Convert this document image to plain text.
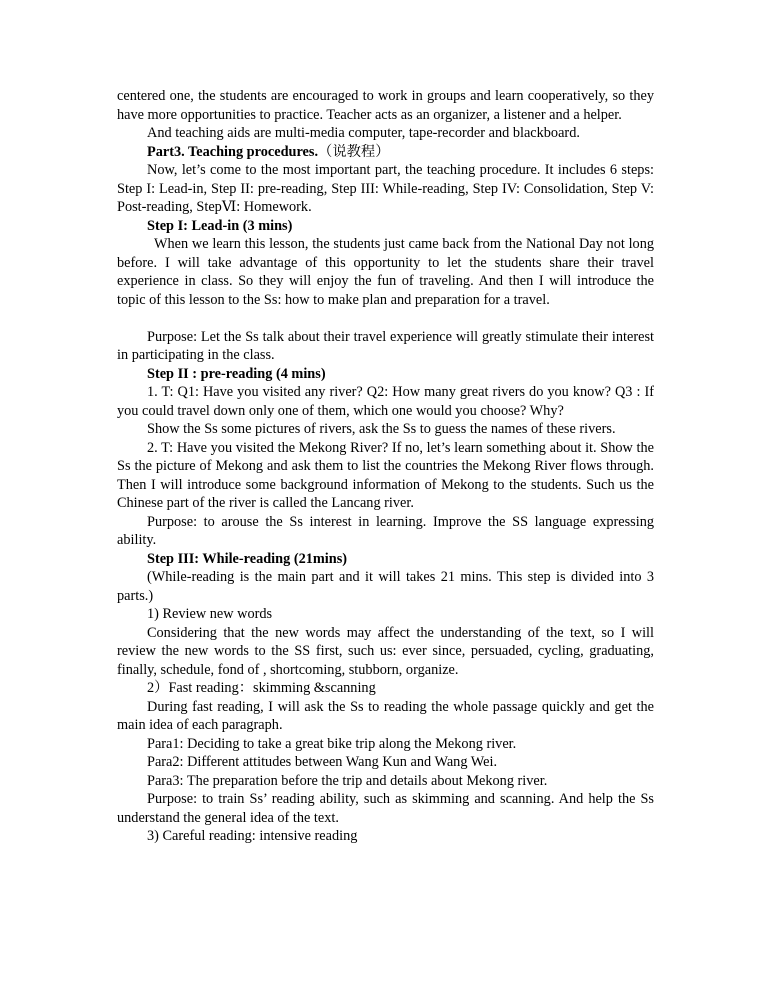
centered one, the students are encouraged to work in groups and learn cooperatively, so they have more opportunities to practice. Teacher acts as an organizer, a listener and a helper.

And teaching aids are multi-media computer, tape-recorder and blackboard.

Part3. Teaching procedures.（说教程）

Now, let’s come to the most important part, the teaching procedure. It includes 6 steps: Step I: Lead-in, Step II: pre-reading, Step III: While-reading, Step IV: Consolidation, Step V: Post-reading, StepⅥ: Homework.

Step I: Lead-in (3 mins)

When we learn this lesson, the students just came back from the National Day not long before. I will take advantage of this opportunity to let the students share their travel experience in class. So they will enjoy the fun of traveling. And then I will introduce the topic of this lesson to the Ss: how to make plan and preparation for a travel.

Purpose: Let the Ss talk about their travel experience will greatly stimulate their interest in participating in the class.

Step II : pre-reading (4 mins)

1. T: Q1: Have you visited any river? Q2: How many great rivers do you know? Q3 : If you could travel down only one of them, which one would you choose? Why?

Show the Ss some pictures of rivers, ask the Ss to guess the names of these rivers.

2. T: Have you visited the Mekong River? If no, let’s learn something about it. Show the Ss the picture of Mekong and ask them to list the countries the Mekong River flows through. Then I will introduce some background information of Mekong to the students. Such us the Chinese part of the river is called the Lancang river.

Purpose: to arouse the Ss interest in learning. Improve the SS language expressing ability.

Step III: While-reading (21mins)

(While-reading is the main part and it will takes 21 mins. This step is divided into 3 parts.)

1) Review new words

Considering that the new words may affect the understanding of the text, so I will review the new words to the SS first, such us: ever since, persuaded, cycling, graduating, finally, schedule, fond of , shortcoming, stubborn, organize.

2）Fast reading：skimming &scanning

During fast reading, I will ask the Ss to reading the whole passage quickly and get the main idea of each paragraph.

Para1: Deciding to take a great bike trip along the Mekong river.

Para2: Different attitudes between Wang Kun and Wang Wei.

Para3: The preparation before the trip and details about Mekong river.

Purpose: to train Ss’ reading ability, such as skimming and scanning. And help the Ss understand the general idea of the text.

3) Careful reading: intensive reading
